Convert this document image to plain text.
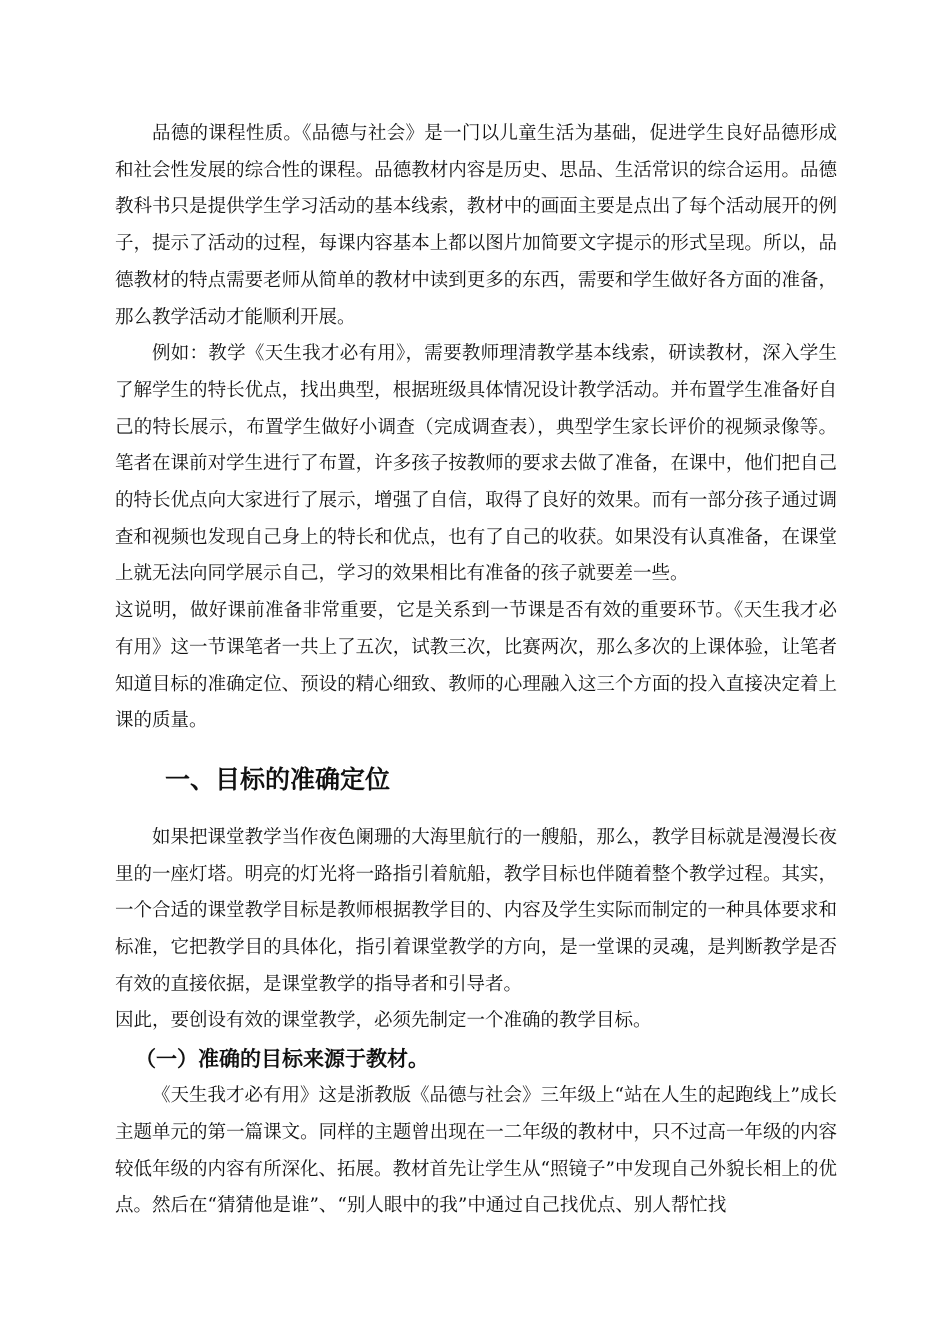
品德的课程性质。《品德与社会》是一门以儿童生活为基础，促进学生良好品德形成和社会性发展的综合性的课程。品德教材内容是历史、思品、生活常识的综合运用。品德教科书只是提供学生学习活动的基本线索，教材中的画面主要是点出了每个活动展开的例子，提示了活动的过程，每课内容基本上都以图片加简要文字提示的形式呈现。所以，品德教材的特点需要老师从简单的教材中读到更多的东西，需要和学生做好各方面的准备，那么教学活动才能顺利开展。

例如：教学《天生我才必有用》，需要教师理清教学基本线索，研读教材，深入学生了解学生的特长优点，找出典型，根据班级具体情况设计教学活动。并布置学生准备好自己的特长展示，布置学生做好小调查（完成调查表），典型学生家长评价的视频录像等。笔者在课前对学生进行了布置，许多孩子按教师的要求去做了准备，在课中，他们把自己的特长优点向大家进行了展示，增强了自信，取得了良好的效果。而有一部分孩子通过调查和视频也发现自己身上的特长和优点，也有了自己的收获。如果没有认真准备，在课堂上就无法向同学展示自己，学习的效果相比有准备的孩子就要差一些。

这说明，做好课前准备非常重要，它是关系到一节课是否有效的重要环节。《天生我才必有用》这一节课笔者一共上了五次，试教三次，比赛两次，那么多次的上课体验，让笔者知道目标的准确定位、预设的精心细致、教师的心理融入这三个方面的投入直接决定着上课的质量。

一、目标的准确定位

如果把课堂教学当作夜色阑珊的大海里航行的一艘船，那么，教学目标就是漫漫长夜里的一座灯塔。明亮的灯光将一路指引着航船，教学目标也伴随着整个教学过程。其实，一个合适的课堂教学目标是教师根据教学目的、内容及学生实际而制定的一种具体要求和标准，它把教学目的具体化，指引着课堂教学的方向，是一堂课的灵魂，是判断教学是否有效的直接依据，是课堂教学的指导者和引导者。

因此，要创设有效的课堂教学，必须先制定一个准确的教学目标。

（一）准确的目标来源于教材。

《天生我才必有用》这是浙教版《品德与社会》三年级上“站在人生的起跑线上”成长主题单元的第一篇课文。同样的主题曾出现在一二年级的教材中，只不过高一年级的内容较低年级的内容有所深化、拓展。教材首先让学生从“照镜子”中发现自己外貌长相上的优点。然后在“猜猜他是谁”、“别人眼中的我”中通过自己找优点、别人帮忙找
